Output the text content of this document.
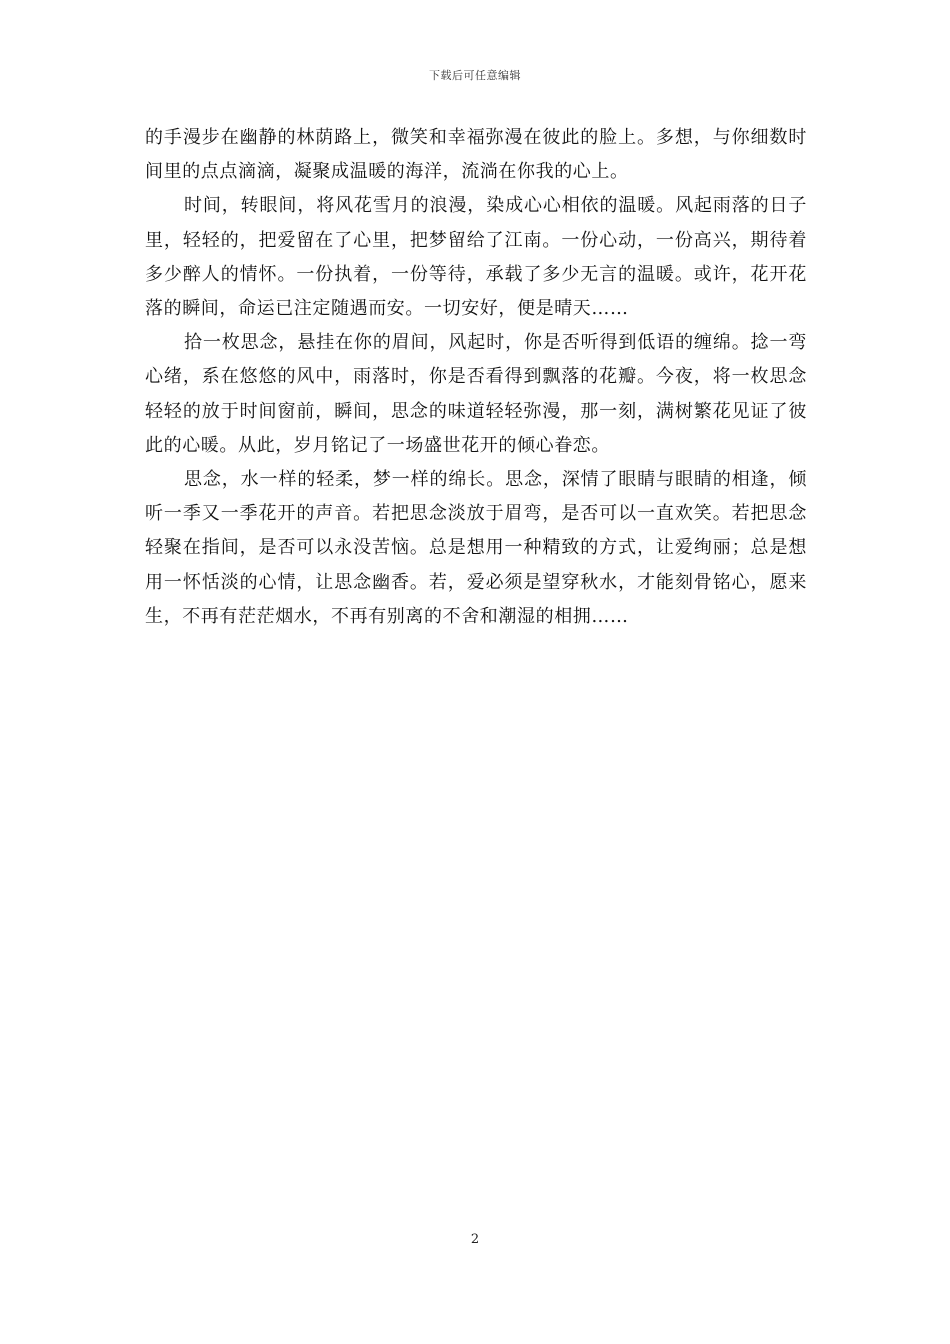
下载后可任意编辑

的手漫步在幽静的林荫路上，微笑和幸福弥漫在彼此的脸上。多想，与你细数时间里的点点滴滴，凝聚成温暖的海洋，流淌在你我的心上。

时间，转眼间，将风花雪月的浪漫，染成心心相依的温暖。风起雨落的日子里，轻轻的，把爱留在了心里，把梦留给了江南。一份心动，一份高兴，期待着多少醉人的情怀。一份执着，一份等待，承载了多少无言的温暖。或许，花开花落的瞬间，命运已注定随遇而安。一切安好，便是晴天……

拾一枚思念，悬挂在你的眉间，风起时，你是否听得到低语的缠绵。捻一弯心绪，系在悠悠的风中，雨落时，你是否看得到飘落的花瓣。今夜，将一枚思念轻轻的放于时间窗前，瞬间，思念的味道轻轻弥漫，那一刻，满树繁花见证了彼此的心暖。从此，岁月铭记了一场盛世花开的倾心眷恋。

思念，水一样的轻柔，梦一样的绵长。思念，深情了眼睛与眼睛的相逢，倾听一季又一季花开的声音。若把思念淡放于眉弯，是否可以一直欢笑。若把思念轻聚在指间，是否可以永没苦恼。总是想用一种精致的方式，让爱绚丽；总是想用一怀恬淡的心情，让思念幽香。若，爱必须是望穿秋水，才能刻骨铭心，愿来生，不再有茫茫烟水，不再有别离的不舍和潮湿的相拥……

2
